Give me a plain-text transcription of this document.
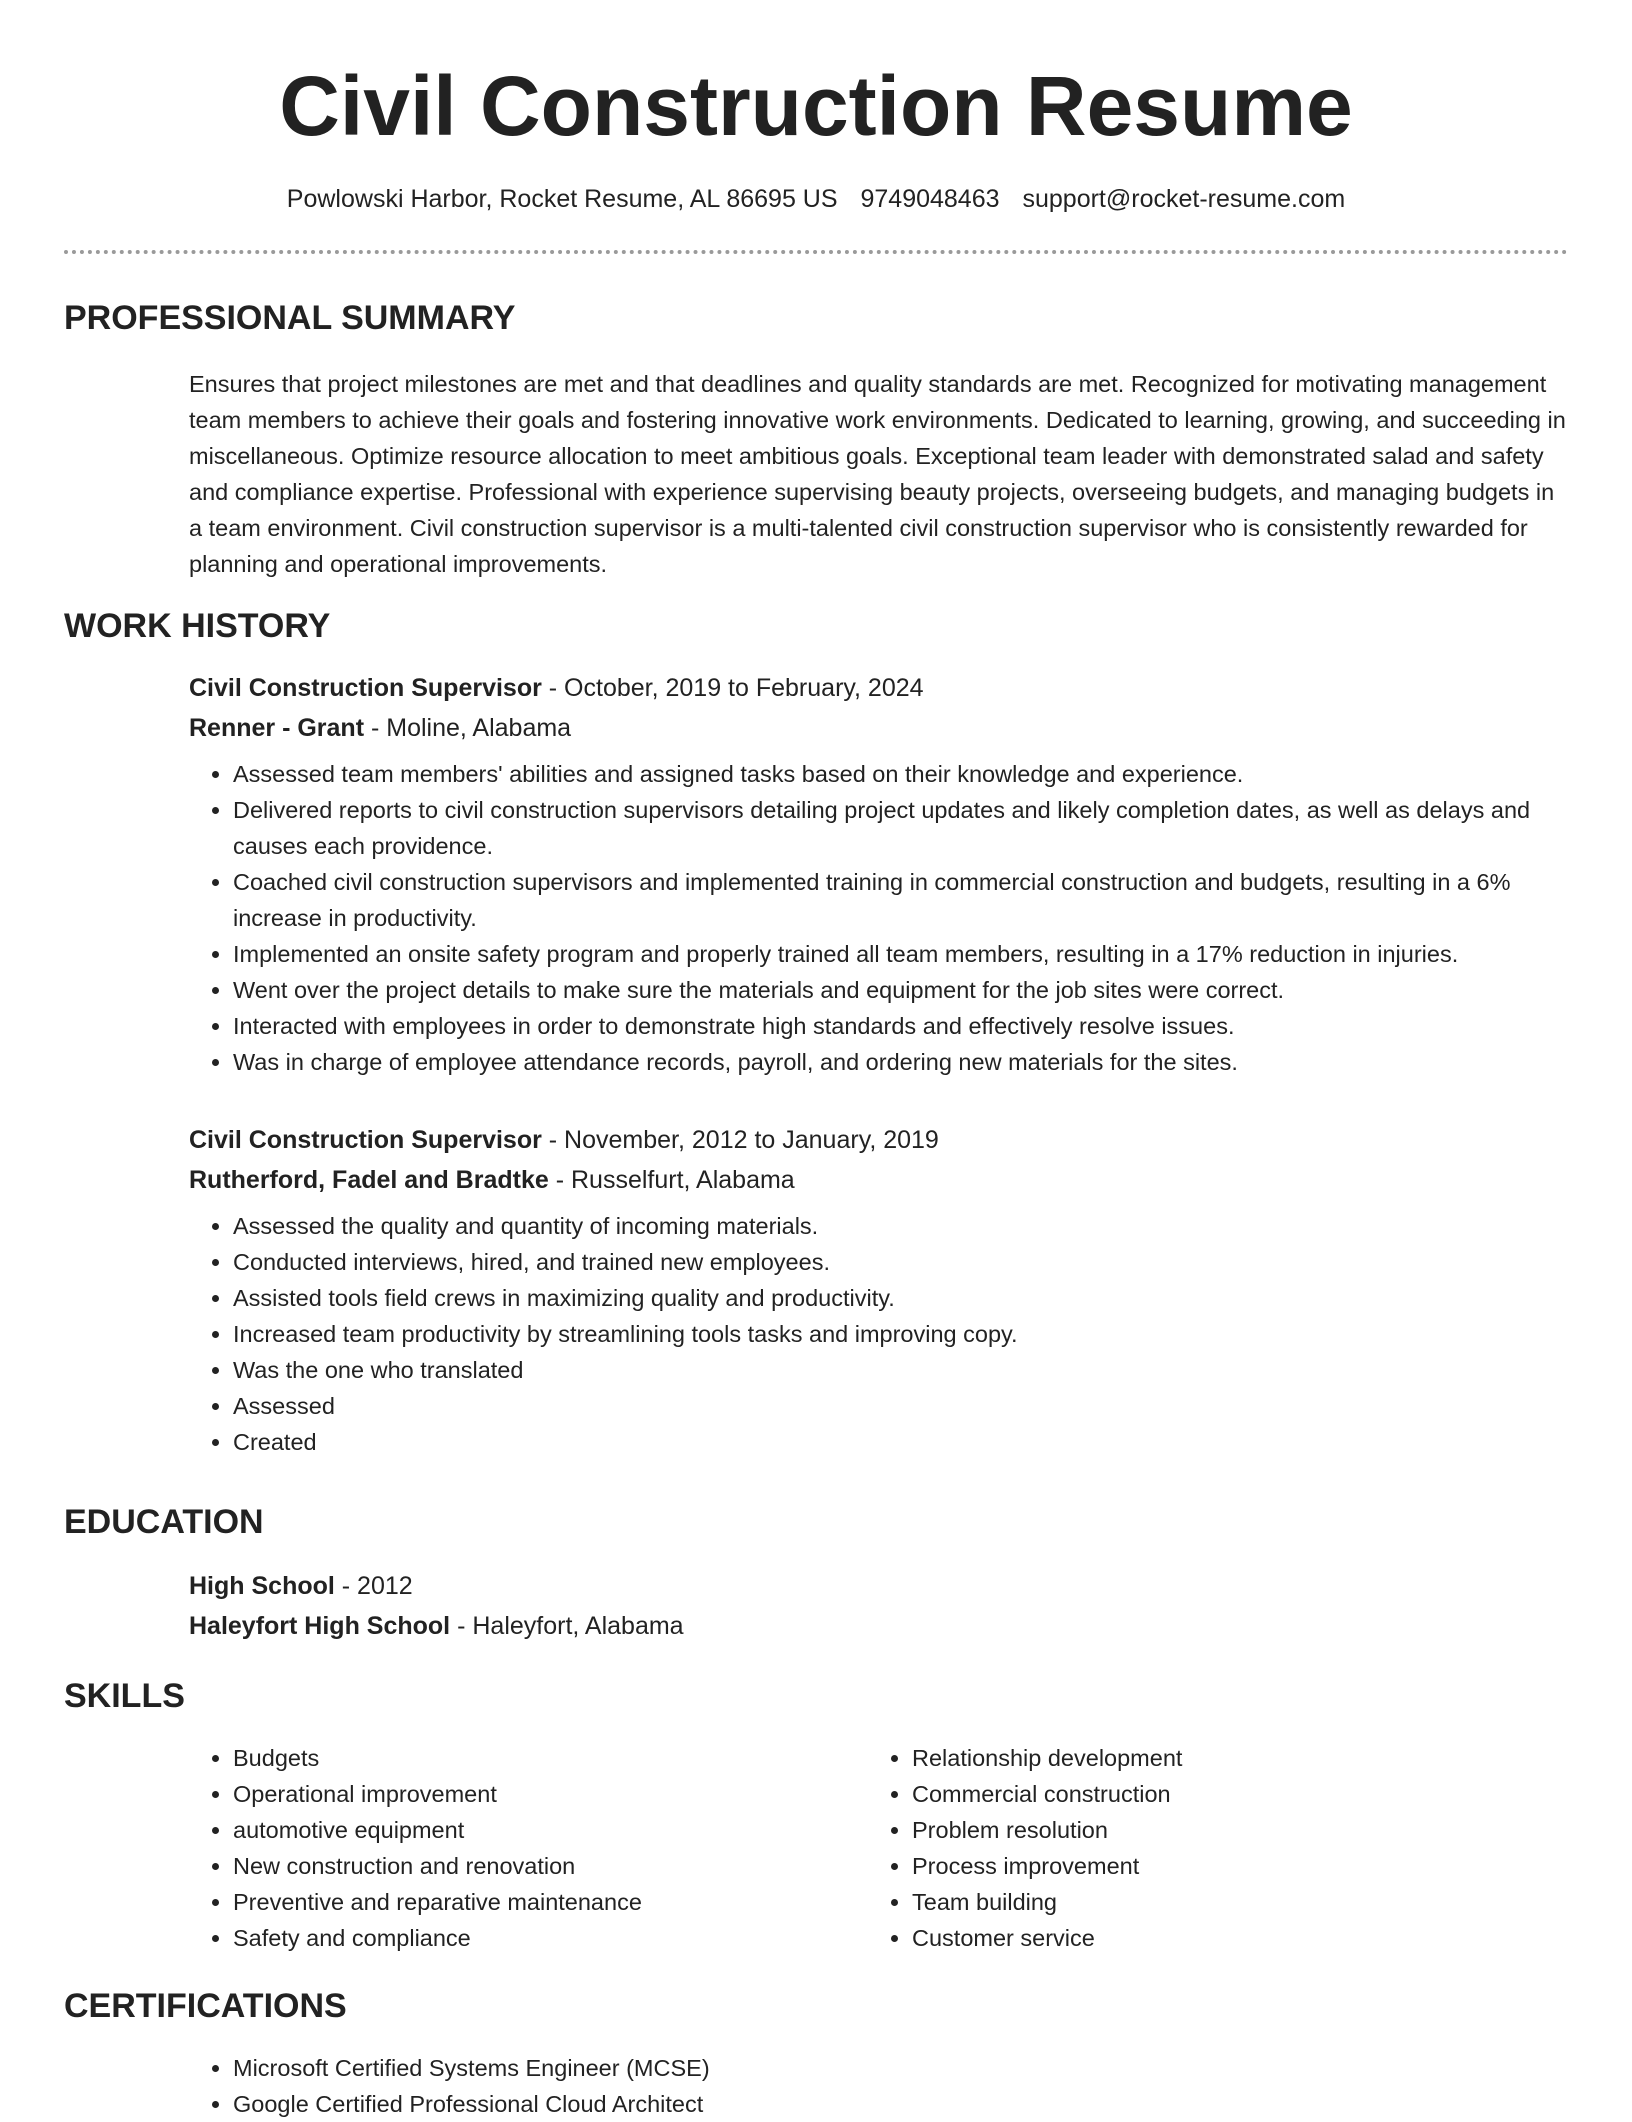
Civil Construction Resume
Powlowski Harbor, Rocket Resume, AL 86695 US 9749048463 support@rocket-resume.com
PROFESSIONAL SUMMARY

Ensures that project milestones are met and that deadlines and quality standards are met. Recognized for motivating management team members to achieve their goals and fostering innovative work environments. Dedicated to learning, growing, and succeeding in miscellaneous. Optimize resource allocation to meet ambitious goals. Exceptional team leader with demonstrated salad and safety and compliance expertise. Professional with experience supervising beauty projects, overseeing budgets, and managing budgets in a team environment. Civil construction supervisor is a multi-talented civil construction supervisor who is consistently rewarded for planning and operational improvements.

WORK HISTORY

Civil Construction Supervisor - October, 2019 to February, 2024

Renner - Grant - Moline, Alabama

• Assessed team members' abilities and assigned tasks based on their knowledge and experience.
• Delivered reports to civil construction supervisors detailing project updates and likely completion dates, as well as delays and causes each providence.
• Coached civil construction supervisors and implemented training in commercial construction and budgets, resulting in a 6% increase in productivity.
• Implemented an onsite safety program and properly trained all team members, resulting in a 17% reduction in injuries.
• Went over the project details to make sure the materials and equipment for the job sites were correct.
• Interacted with employees in order to demonstrate high standards and effectively resolve issues.
• Was in charge of employee attendance records, payroll, and ordering new materials for the sites.

Civil Construction Supervisor - November, 2012 to January, 2019

Rutherford, Fadel and Bradtke - Russelfurt, Alabama

• Assessed the quality and quantity of incoming materials.
• Conducted interviews, hired, and trained new employees.
• Assisted tools field crews in maximizing quality and productivity.
• Increased team productivity by streamlining tools tasks and improving copy.
• Was the one who translated
• Assessed
• Created
EDUCATION

High School - 2012

Haleyfort High School - Haleyfort, Alabama

SKILLS
• Budgets
• Operational improvement
• automotive equipment
• New construction and renovation
• Preventive and reparative maintenance
• Safety and compliance
• Relationship development
• Commercial construction
• Problem resolution
• Process improvement
• Team building
• Customer service
CERTIFICATIONS
• Microsoft Certified Systems Engineer (MCSE)
• Google Certified Professional Cloud Architect
